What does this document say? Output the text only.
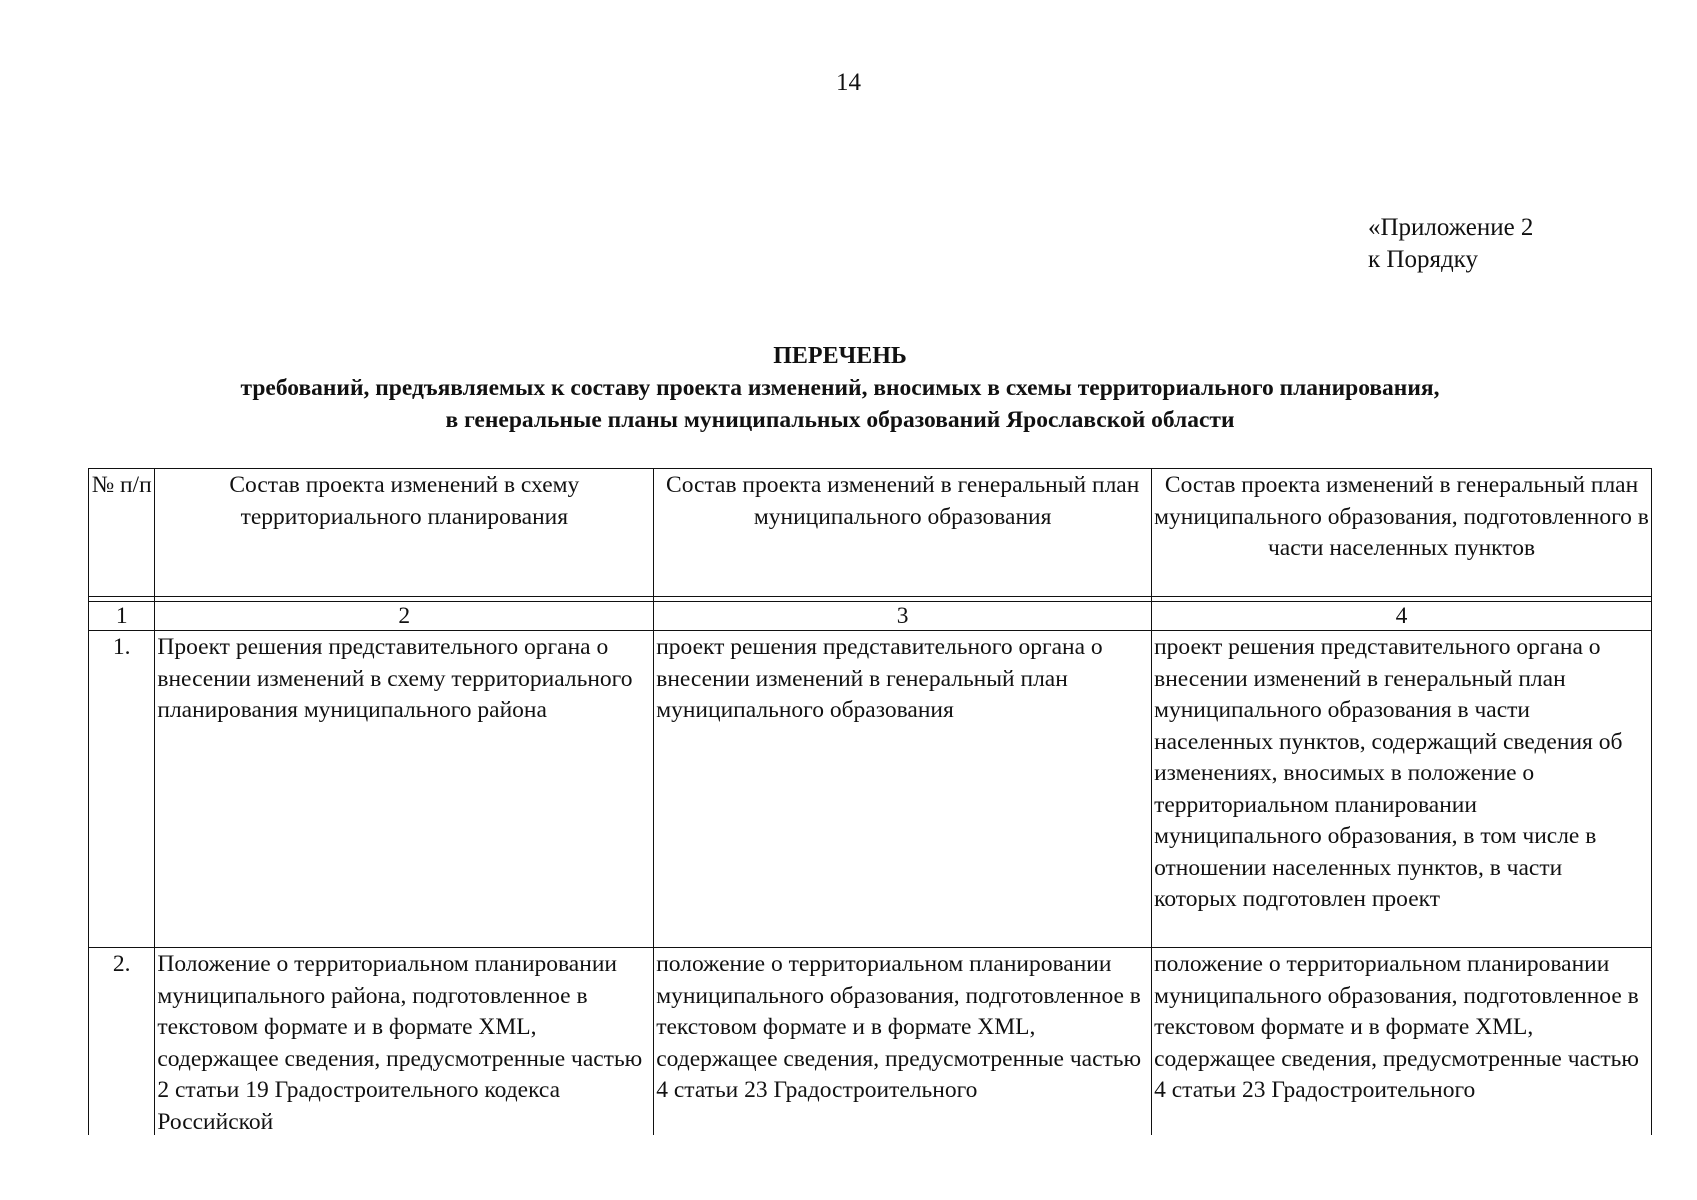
14
«Приложение 2
к Порядку
ПЕРЕЧЕНЬ
требований, предъявляемых к составу проекта изменений, вносимых в схемы территориального планирования,
в генеральные планы муниципальных образований Ярославской области
№ п/п	Состав проекта изменений в схему территориального планирования	Состав проекта изменений в генеральный план муниципального образования	Состав проекта изменений в генеральный план муниципального образования, подготовленного в части населенных пунктов

1	2	3	4
1.	Проект решения представительного органа о внесении изменений в схему территориального планирования муниципального района	проект решения представительного органа о внесении изменений в генеральный план муниципального образования	проект решения представительного органа о внесении изменений в генеральный план муниципального образования в части населенных пунктов, содержащий сведения об изменениях, вносимых в положение о территориальном планировании муниципального образования, в том числе в отношении населенных пунктов, в части которых подготовлен проект
2.	Положение о территориальном планировании муниципального района, подготовленное в текстовом формате и в формате XML, содержащее сведения, предусмотренные частью 2 статьи 19 Градостроительного кодекса Российской	положение о территориальном планировании муниципального образования, подготовленное в текстовом формате и в формате XML, содержащее сведения, предусмотренные частью 4 статьи 23 Градостроительного	положение о территориальном планировании муниципального образования, подготовленное в текстовом формате и в формате XML, содержащее сведения, предусмотренные частью 4 статьи 23 Градостроительного
